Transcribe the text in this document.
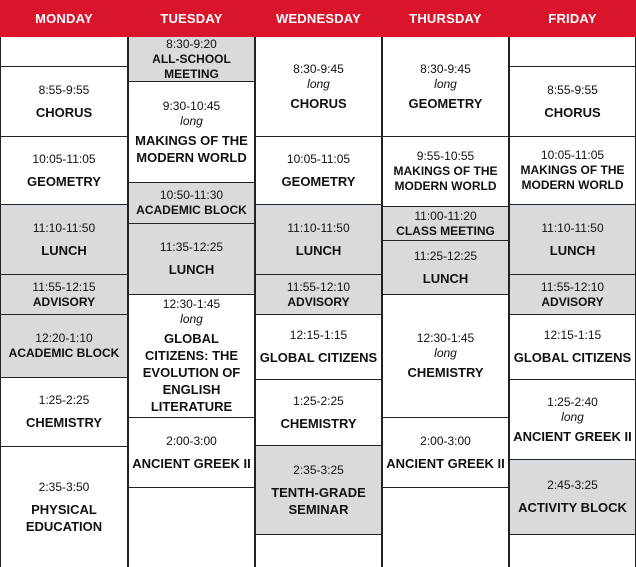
MONDAY
8:55-9:55
CHORUS
10:05-11:05
GEOMETRY
11:10-11:50
LUNCH
11:55-12:15
ADVISORY
12:20-1:10
ACADEMIC BLOCK
1:25-2:25
CHEMISTRY
2:35-3:50
PHYSICAL EDUCATION
TUESDAY
8:30-9:20
ALL-SCHOOL MEETING
9:30-10:45
long
MAKINGS OF THE MODERN WORLD
10:50-11:30
ACADEMIC BLOCK
11:35-12:25
LUNCH
12:30-1:45
long
GLOBAL CITIZENS: THE EVOLUTION OF ENGLISH LITERATURE
2:00-3:00
ANCIENT GREEK II
WEDNESDAY
8:30-9:45
long
CHORUS
10:05-11:05
GEOMETRY
11:10-11:50
LUNCH
11:55-12:10
ADVISORY
12:15-1:15
GLOBAL CITIZENS
1:25-2:25
CHEMISTRY
2:35-3:25
TENTH-GRADE SEMINAR
THURSDAY
8:30-9:45
long
GEOMETRY
9:55-10:55
MAKINGS OF THE MODERN WORLD
11:00-11:20
CLASS MEETING
11:25-12:25
LUNCH
12:30-1:45
long
CHEMISTRY
2:00-3:00
ANCIENT GREEK II
FRIDAY
8:55-9:55
CHORUS
10:05-11:05
MAKINGS OF THE MODERN WORLD
11:10-11:50
LUNCH
11:55-12:10
ADVISORY
12:15-1:15
GLOBAL CITIZENS
1:25-2:40
long
ANCIENT GREEK II
2:45-3:25
ACTIVITY BLOCK
